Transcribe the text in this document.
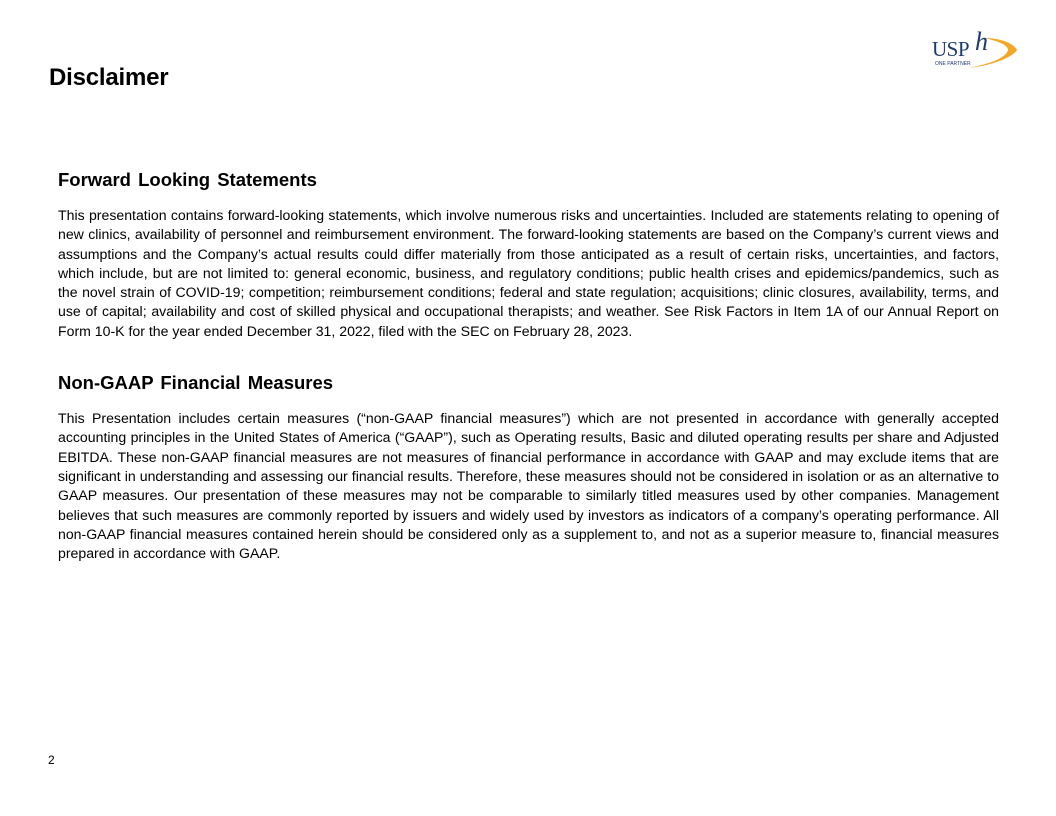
Disclaimer
USP h
ONE PARTNER
Forward Looking Statements

This presentation contains forward-looking statements, which involve numerous risks and uncertainties. Included are statements relating to opening of new clinics, availability of personnel and reimbursement environment. The forward-looking statements are based on the Company’s current views and assumptions and the Company’s actual results could differ materially from those anticipated as a result of certain risks, uncertainties, and factors, which include, but are not limited to: general economic, business, and regulatory conditions; public health crises and epidemics/pandemics, such as the novel strain of COVID-19; competition; reimbursement conditions; federal and state regulation; acquisitions; clinic closures, availability, terms, and use of capital; availability and cost of skilled physical and occupational therapists; and weather. See Risk Factors in Item 1A of our Annual Report on Form 10-K for the year ended December 31, 2022, filed with the SEC on February 28, 2023.

Non-GAAP Financial Measures

This Presentation includes certain measures (“non-GAAP financial measures”) which are not presented in accordance with generally accepted accounting principles in the United States of America (“GAAP”), such as Operating results, Basic and diluted operating results per share and Adjusted EBITDA. These non-GAAP financial measures are not measures of financial performance in accordance with GAAP and may exclude items that are significant in understanding and assessing our financial results. Therefore, these measures should not be considered in isolation or as an alternative to GAAP measures. Our presentation of these measures may not be comparable to similarly titled measures used by other companies. Management believes that such measures are commonly reported by issuers and widely used by investors as indicators of a company’s operating performance. All non-GAAP financial measures contained herein should be considered only as a supplement to, and not as a superior measure to, financial measures prepared in accordance with GAAP.

2
